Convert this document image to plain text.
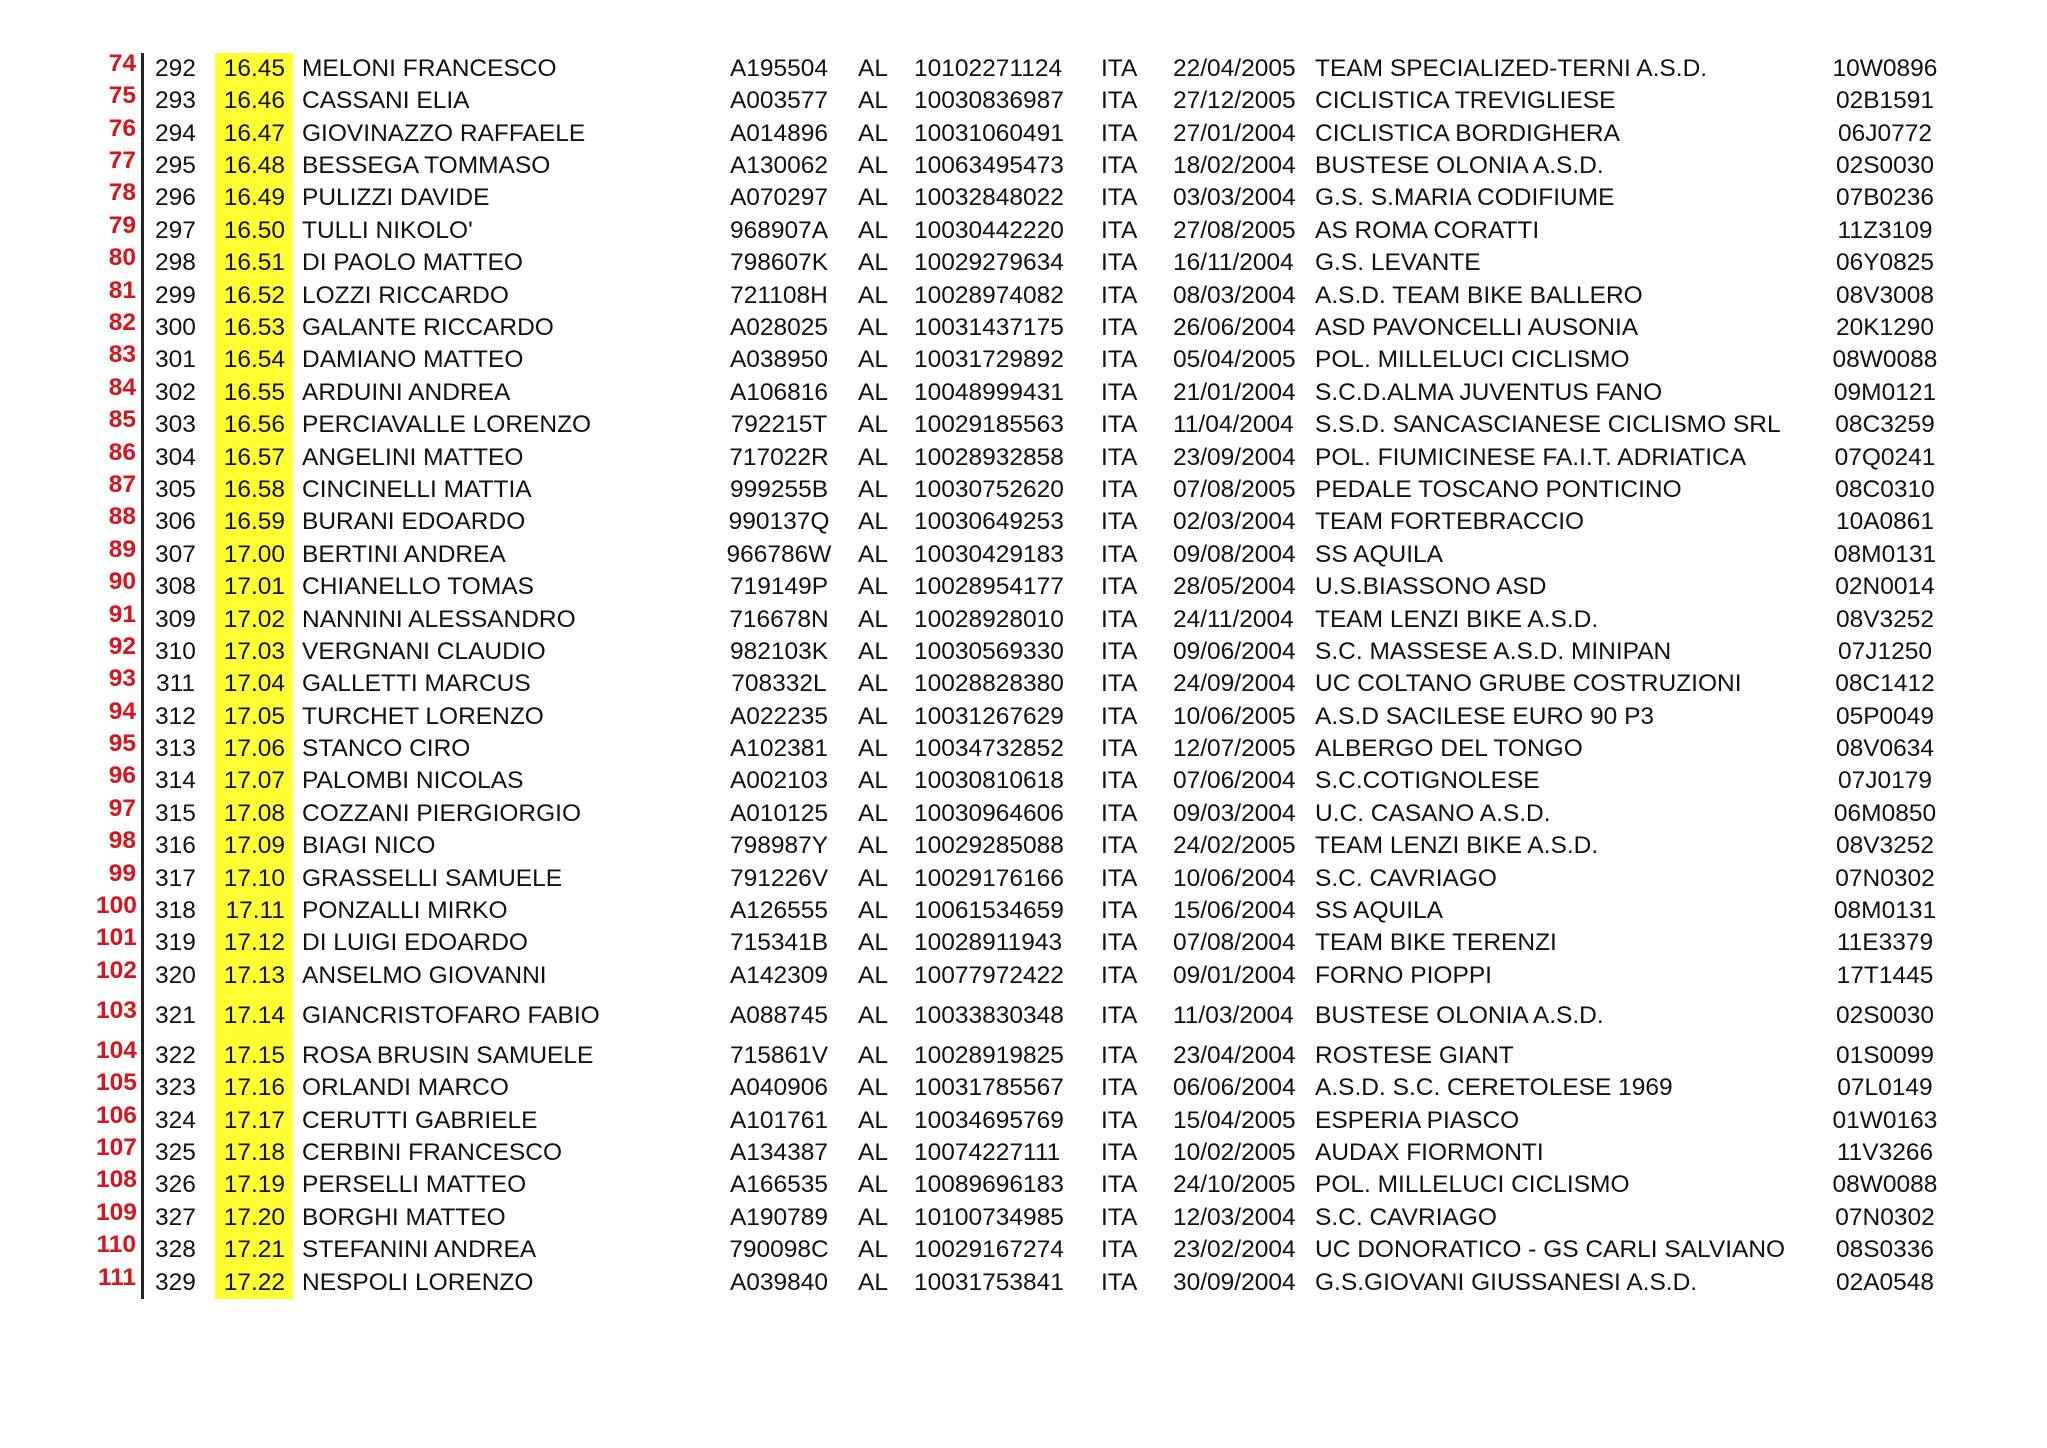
74 292 16.45 MELONI FRANCESCO	A195504	AL 10102271124 ITA 22/04/2005 TEAM SPECIALIZED-TERNI A.S.D.	10W0896
75 293 16.46 CASSANI ELIA	A003577	AL 10030836987 ITA 27/12/2005 CICLISTICA TREVIGLIESE	02B1591
76 294 16.47 GIOVINAZZO RAFFAELE	A014896	AL 10031060491 ITA 27/01/2004 CICLISTICA BORDIGHERA	06J0772
77 295 16.48 BESSEGA TOMMASO	A130062	AL 10063495473 ITA 18/02/2004 BUSTESE OLONIA A.S.D.	02S0030
78 296 16.49 PULIZZI DAVIDE	A070297	AL 10032848022 ITA 03/03/2004 G.S. S.MARIA CODIFIUME	07B0236
79 297 16.50 TULLI NIKOLO'	968907A	AL 10030442220 ITA 27/08/2005 AS ROMA CORATTI	11Z3109
80 298 16.51 DI PAOLO MATTEO	798607K	AL 10029279634 ITA 16/11/2004 G.S. LEVANTE	06Y0825
81 299 16.52 LOZZI RICCARDO	721108H	AL 10028974082 ITA 08/03/2004 A.S.D. TEAM BIKE BALLERO	08V3008
82 300 16.53 GALANTE RICCARDO	A028025	AL 10031437175 ITA 26/06/2004 ASD PAVONCELLI AUSONIA	20K1290
83 301 16.54 DAMIANO MATTEO	A038950	AL 10031729892 ITA 05/04/2005 POL. MILLELUCI CICLISMO	08W0088
84 302 16.55 ARDUINI ANDREA	A106816	AL 10048999431 ITA 21/01/2004 S.C.D.ALMA JUVENTUS FANO	09M0121
85 303 16.56 PERCIAVALLE LORENZO	792215T	AL 10029185563 ITA 11/04/2004 S.S.D. SANCASCIANESE CICLISMO SRL	08C3259
86 304 16.57 ANGELINI MATTEO	717022R	AL 10028932858 ITA 23/09/2004 POL. FIUMICINESE FA.I.T. ADRIATICA	07Q0241
87 305 16.58 CINCINELLI MATTIA	999255B	AL 10030752620 ITA 07/08/2005 PEDALE TOSCANO PONTICINO	08C0310
88 306 16.59 BURANI EDOARDO	990137Q	AL 10030649253 ITA 02/03/2004 TEAM FORTEBRACCIO	10A0861
89 307 17.00 BERTINI ANDREA	966786W AL 10030429183 ITA 09/08/2004 SS AQUILA	08M0131
90 308 17.01 CHIANELLO TOMAS	719149P	AL 10028954177 ITA 28/05/2004 U.S.BIASSONO ASD	02N0014
91 309 17.02 NANNINI ALESSANDRO	716678N	AL 10028928010 ITA 24/11/2004 TEAM LENZI BIKE A.S.D.	08V3252
92 310 17.03 VERGNANI CLAUDIO	982103K	AL 10030569330 ITA 09/06/2004 S.C. MASSESE A.S.D. MINIPAN	07J1250
93 311	17.04 GALLETTI MARCUS	708332L	AL 10028828380 ITA 24/09/2004 UC COLTANO GRUBE COSTRUZIONI	08C1412
94 312 17.05 TURCHET LORENZO	A022235	AL 10031267629 ITA 10/06/2005 A.S.D SACILESE EURO 90 P3	05P0049
95 313 17.06 STANCO CIRO	A102381	AL 10034732852 ITA 12/07/2005 ALBERGO DEL TONGO	08V0634
96 314 17.07 PALOMBI NICOLAS	A002103	AL 10030810618 ITA 07/06/2004 S.C.COTIGNOLESE	07J0179
97 315 17.08 COZZANI PIERGIORGIO	A010125	AL 10030964606 ITA 09/03/2004 U.C. CASANO A.S.D.	06M0850
98 316 17.09 BIAGI NICO	798987Y	AL 10029285088 ITA 24/02/2005 TEAM LENZI BIKE A.S.D.	08V3252
99 317 17.10 GRASSELLI SAMUELE	791226V	AL 10029176166 ITA 10/06/2004 S.C. CAVRIAGO	07N0302
100 318 17.11 PONZALLI MIRKO	A126555	AL 10061534659 ITA 15/06/2004 SS AQUILA	08M0131
101 319 17.12 DI LUIGI EDOARDO	715341B	AL 10028911943 ITA 07/08/2004 TEAM BIKE TERENZI	11E3379
102 320 17.13 ANSELMO GIOVANNI	A142309	AL 10077972422 ITA 09/01/2004 FORNO PIOPPI	17T1445
103 321 17.14 GIANCRISTOFARO FABIO	A088745	AL 10033830348 ITA 11/03/2004 BUSTESE OLONIA A.S.D.	02S0030
104 322 17.15 ROSA BRUSIN SAMUELE	715861V	AL 10028919825 ITA 23/04/2004 ROSTESE GIANT	01S0099
105 323 17.16 ORLANDI MARCO	A040906	AL 10031785567 ITA 06/06/2004 A.S.D. S.C. CERETOLESE 1969	07L0149
106 324 17.17 CERUTTI GABRIELE	A101761	AL 10034695769 ITA 15/04/2005 ESPERIA PIASCO	01W0163
107 325 17.18 CERBINI FRANCESCO	A134387	AL 10074227111 ITA 10/02/2005 AUDAX FIORMONTI	11V3266
108 326 17.19 PERSELLI MATTEO	A166535	AL 10089696183 ITA 24/10/2005 POL. MILLELUCI CICLISMO	08W0088
109 327 17.20 BORGHI MATTEO	A190789	AL 10100734985 ITA 12/03/2004 S.C. CAVRIAGO	07N0302
110 328 17.21 STEFANINI ANDREA	790098C	AL 10029167274 ITA 23/02/2004 UC DONORATICO - GS CARLI SALVIANO	08S0336
111 329 17.22 NESPOLI LORENZO	A039840	AL 10031753841 ITA 30/09/2004 G.S.GIOVANI GIUSSANESI A.S.D.	02A0548
